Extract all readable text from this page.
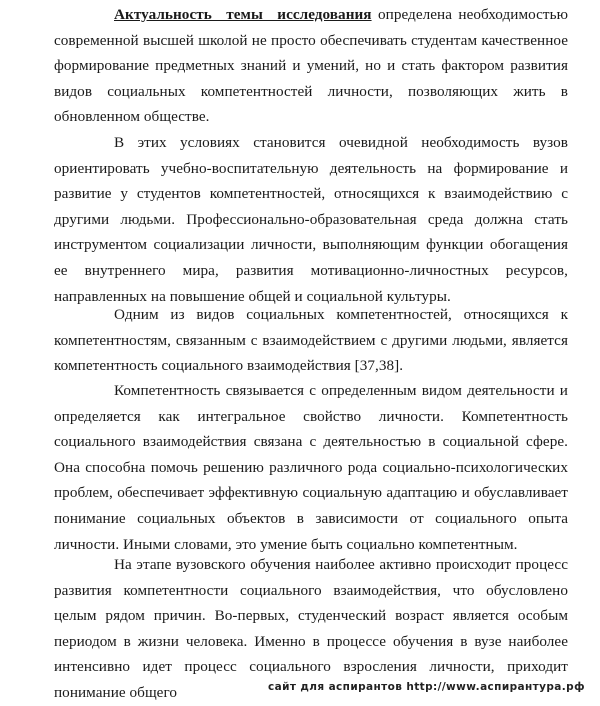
Актуальность темы исследования определена необходимостью современной высшей школой не просто обеспечивать студентам качественное формирование предметных знаний и умений, но и стать фактором развития видов социальных компетентностей личности, позволяющих жить в обновленном обществе.

В этих условиях становится очевидной необходимость вузов ориентировать учебно-воспитательную деятельность на формирование и развитие у студентов компетентностей, относящихся к взаимодействию с другими людьми. Профессионально-образовательная среда должна стать инструментом социализации личности, выполняющим функции обогащения ее внутреннего мира, развития мотивационно-личностных ресурсов, направленных на повышение общей и социальной культуры.

Одним из видов социальных компетентностей, относящихся к компетентностям, связанным с взаимодействием с другими людьми, является компетентность социального взаимодействия [37,38].

Компетентность связывается с определенным видом деятельности и определяется как интегральное свойство личности. Компетентность социального взаимодействия связана с деятельностью в социальной сфере. Она способна помочь решению различного рода социально-психологических проблем, обеспечивает эффективную социальную адаптацию и обуславливает понимание социальных объектов в зависимости от социального опыта личности. Иными словами, это умение быть социально компетентным.

На этапе вузовского обучения наиболее активно происходит процесс развития компетентности социального взаимодействия, что обусловлено целым рядом причин. Во-первых, студенческий возраст является особым периодом в жизни человека. Именно в процессе обучения в вузе наиболее интенсивно идет процесс социального взросления личности, приходит понимание общего	сайт для аспирантов http://www.аспирантура.рф
